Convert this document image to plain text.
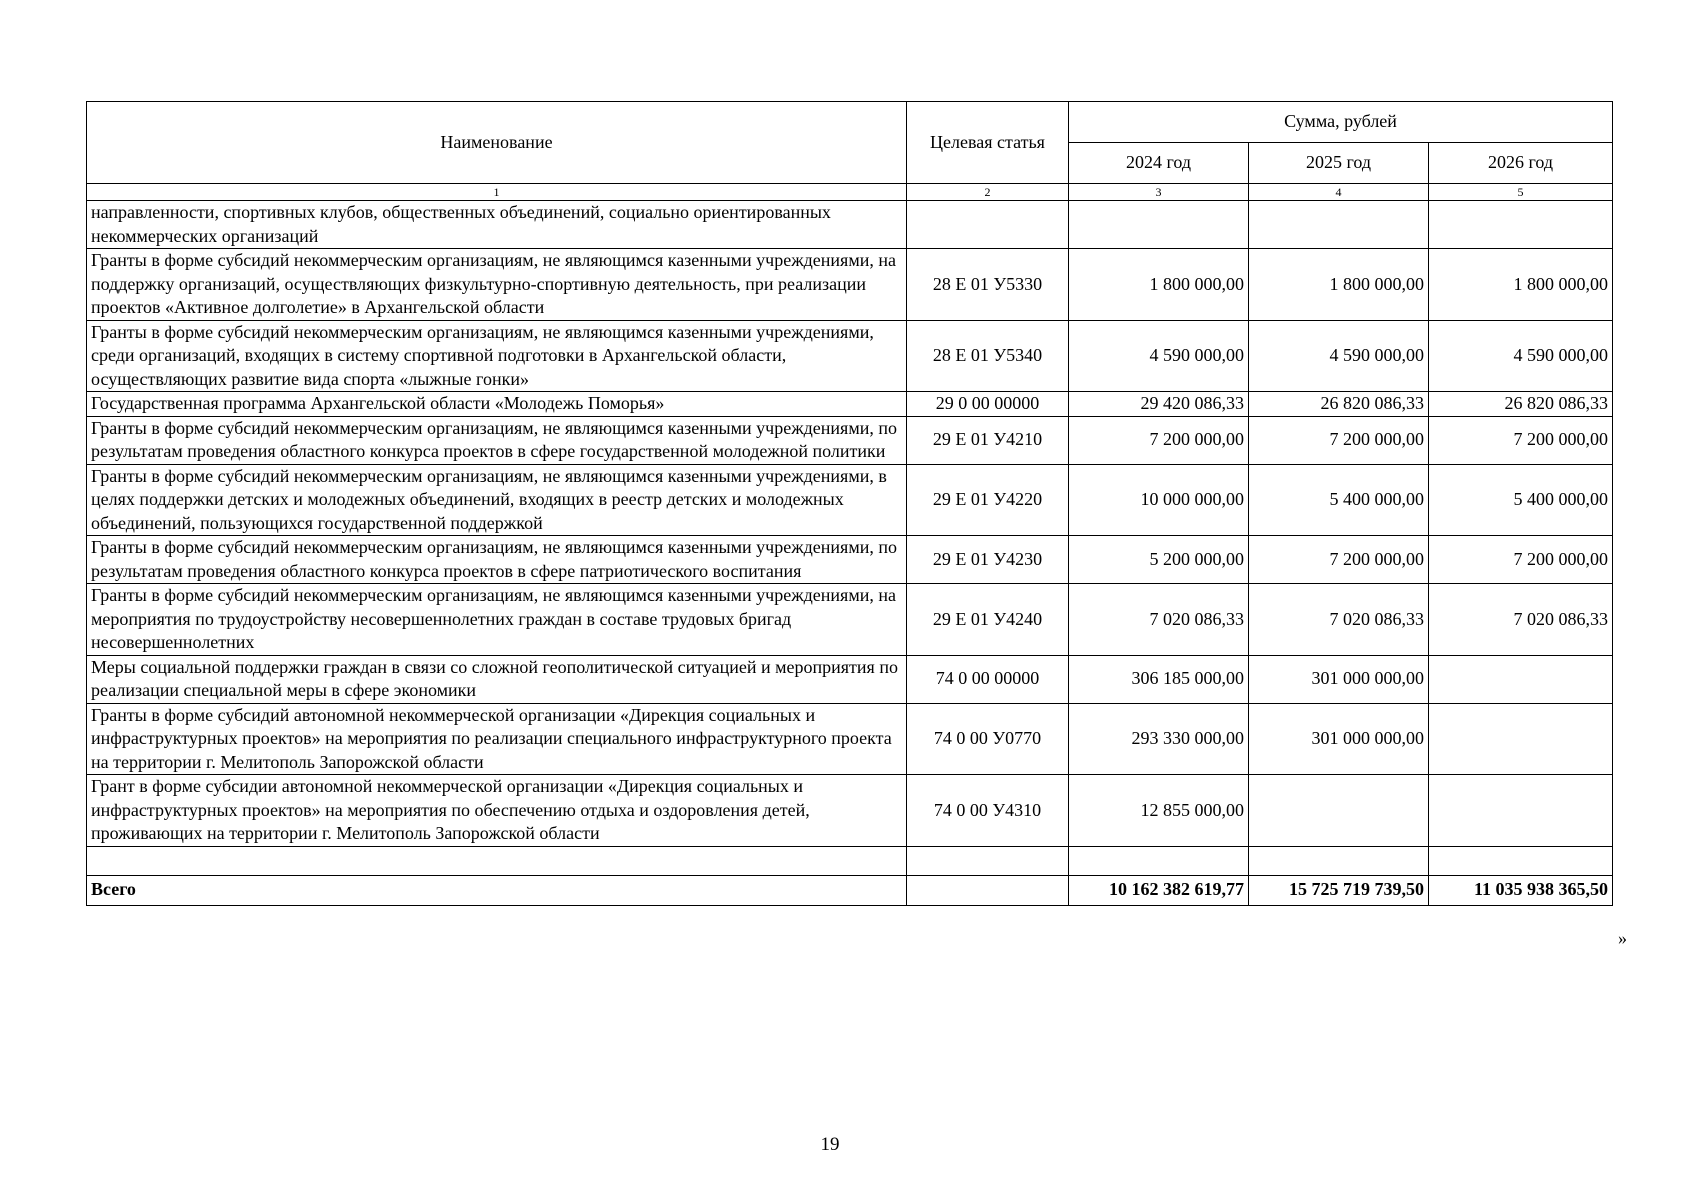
Наименование	Целевая статья	Сумма, рублей		
		2024 год	2025 год	2026 год
1	2	3	4	5
направленности, спортивных клубов, общественных объединений, социально ориентированных некоммерческих организаций				
Гранты в форме субсидий некоммерческим организациям, не являющимся казенными учреждениями, на поддержку организаций, осуществляющих физкультурно-спортивную деятельность, при реализации проектов «Активное долголетие» в Архангельской области	28 Е 01 У5330	1 800 000,00	1 800 000,00	1 800 000,00
Гранты в форме субсидий некоммерческим организациям, не являющимся казенными учреждениями, среди организаций, входящих в систему спортивной подготовки в Архангельской области, осуществляющих развитие вида спорта «лыжные гонки»	28 Е 01 У5340	4 590 000,00	4 590 000,00	4 590 000,00
Государственная программа Архангельской области «Молодежь Поморья»	29 0 00 00000	29 420 086,33	26 820 086,33	26 820 086,33
Гранты в форме субсидий некоммерческим организациям, не являющимся казенными учреждениями, по результатам проведения областного конкурса проектов в сфере государственной молодежной политики	29 Е 01 У4210	7 200 000,00	7 200 000,00	7 200 000,00
Гранты в форме субсидий некоммерческим организациям, не являющимся казенными учреждениями, в целях поддержки детских и молодежных объединений, входящих в реестр детских и молодежных объединений, пользующихся государственной поддержкой	29 Е 01 У4220	10 000 000,00	5 400 000,00	5 400 000,00
Гранты в форме субсидий некоммерческим организациям, не являющимся казенными учреждениями, по результатам проведения областного конкурса проектов в сфере патриотического воспитания	29 Е 01 У4230	5 200 000,00	7 200 000,00	7 200 000,00
Гранты в форме субсидий некоммерческим организациям, не являющимся казенными учреждениями, на мероприятия по трудоустройству несовершеннолетних граждан в составе трудовых бригад несовершеннолетних	29 Е 01 У4240	7 020 086,33	7 020 086,33	7 020 086,33
Меры социальной поддержки граждан в связи со сложной геополитической ситуацией и мероприятия по реализации специальной меры в сфере экономики	74 0 00 00000	306 185 000,00	301 000 000,00	
Гранты в форме субсидий автономной некоммерческой организации «Дирекция социальных и инфраструктурных проектов» на мероприятия по реализации специального инфраструктурного проекта на территории г. Мелитополь Запорожской области	74 0 00 У0770	293 330 000,00	301 000 000,00	
Грант в форме субсидии автономной некоммерческой организации «Дирекция социальных и инфраструктурных проектов» на мероприятия по обеспечению отдыха и оздоровления детей, проживающих на территории г. Мелитополь Запорожской области	74 0 00 У4310	12 855 000,00		

Всего		10 162 382 619,77	15 725 719 739,50	11 035 938 365,50
»
19
